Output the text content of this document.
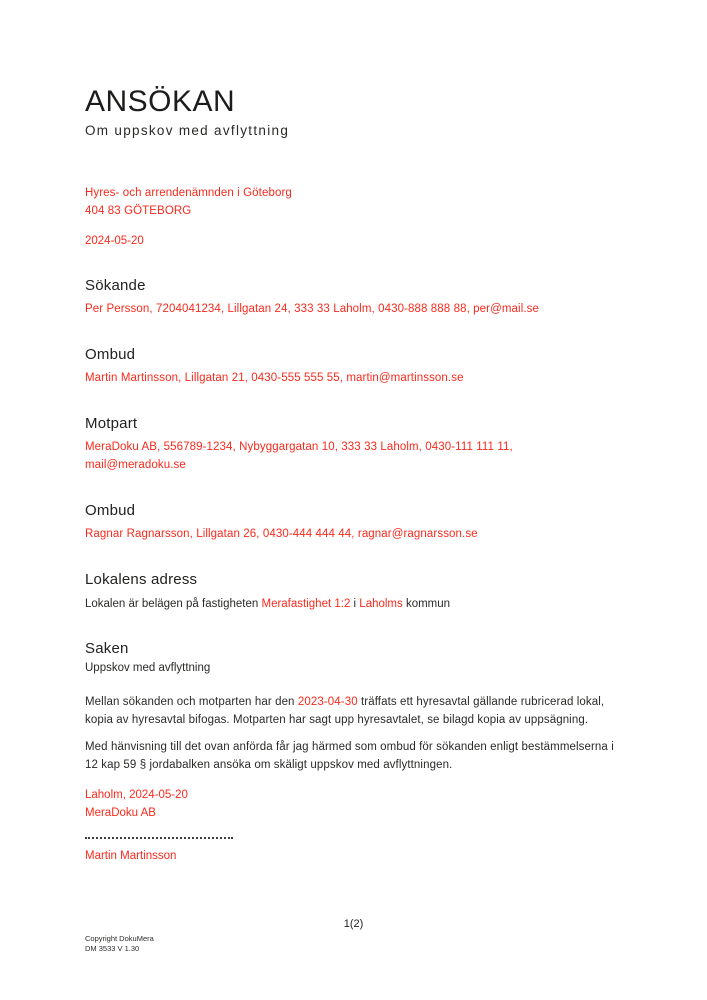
ANSÖKAN
Om uppskov med avflyttning
Hyres- och arrendenämnden i Göteborg
404 83 GÖTEBORG
2024-05-20
Sökande
Per Persson, 7204041234, Lillgatan 24, 333 33 Laholm, 0430-888 888 88, per@mail.se
Ombud
Martin Martinsson, Lillgatan 21, 0430-555 555 55, martin@martinsson.se
Motpart
MeraDoku AB, 556789-1234, Nybyggargatan 10, 333 33 Laholm, 0430-111 111 11,
mail@meradoku.se
Ombud
Ragnar Ragnarsson, Lillgatan 26, 0430-444 444 44, ragnar@ragnarsson.se
Lokalens adress
Lokalen är belägen på fastigheten Merafastighet 1:2 i Laholms kommun
Saken
Uppskov med avflyttning
Mellan sökanden och motparten har den 2023-04-30 träffats ett hyresavtal gällande rubricerad lokal, kopia av hyresavtal bifogas. Motparten har sagt upp hyresavtalet, se bilagd kopia av uppsägning.
Med hänvisning till det ovan anförda får jag härmed som ombud för sökanden enligt bestämmelserna i 12 kap 59 § jordabalken ansöka om skäligt uppskov med avflyttningen.
Laholm, 2024-05-20
MeraDoku AB
Martin Martinsson
1(2)
Copyright DokuMera
DM 3533 V 1.30
